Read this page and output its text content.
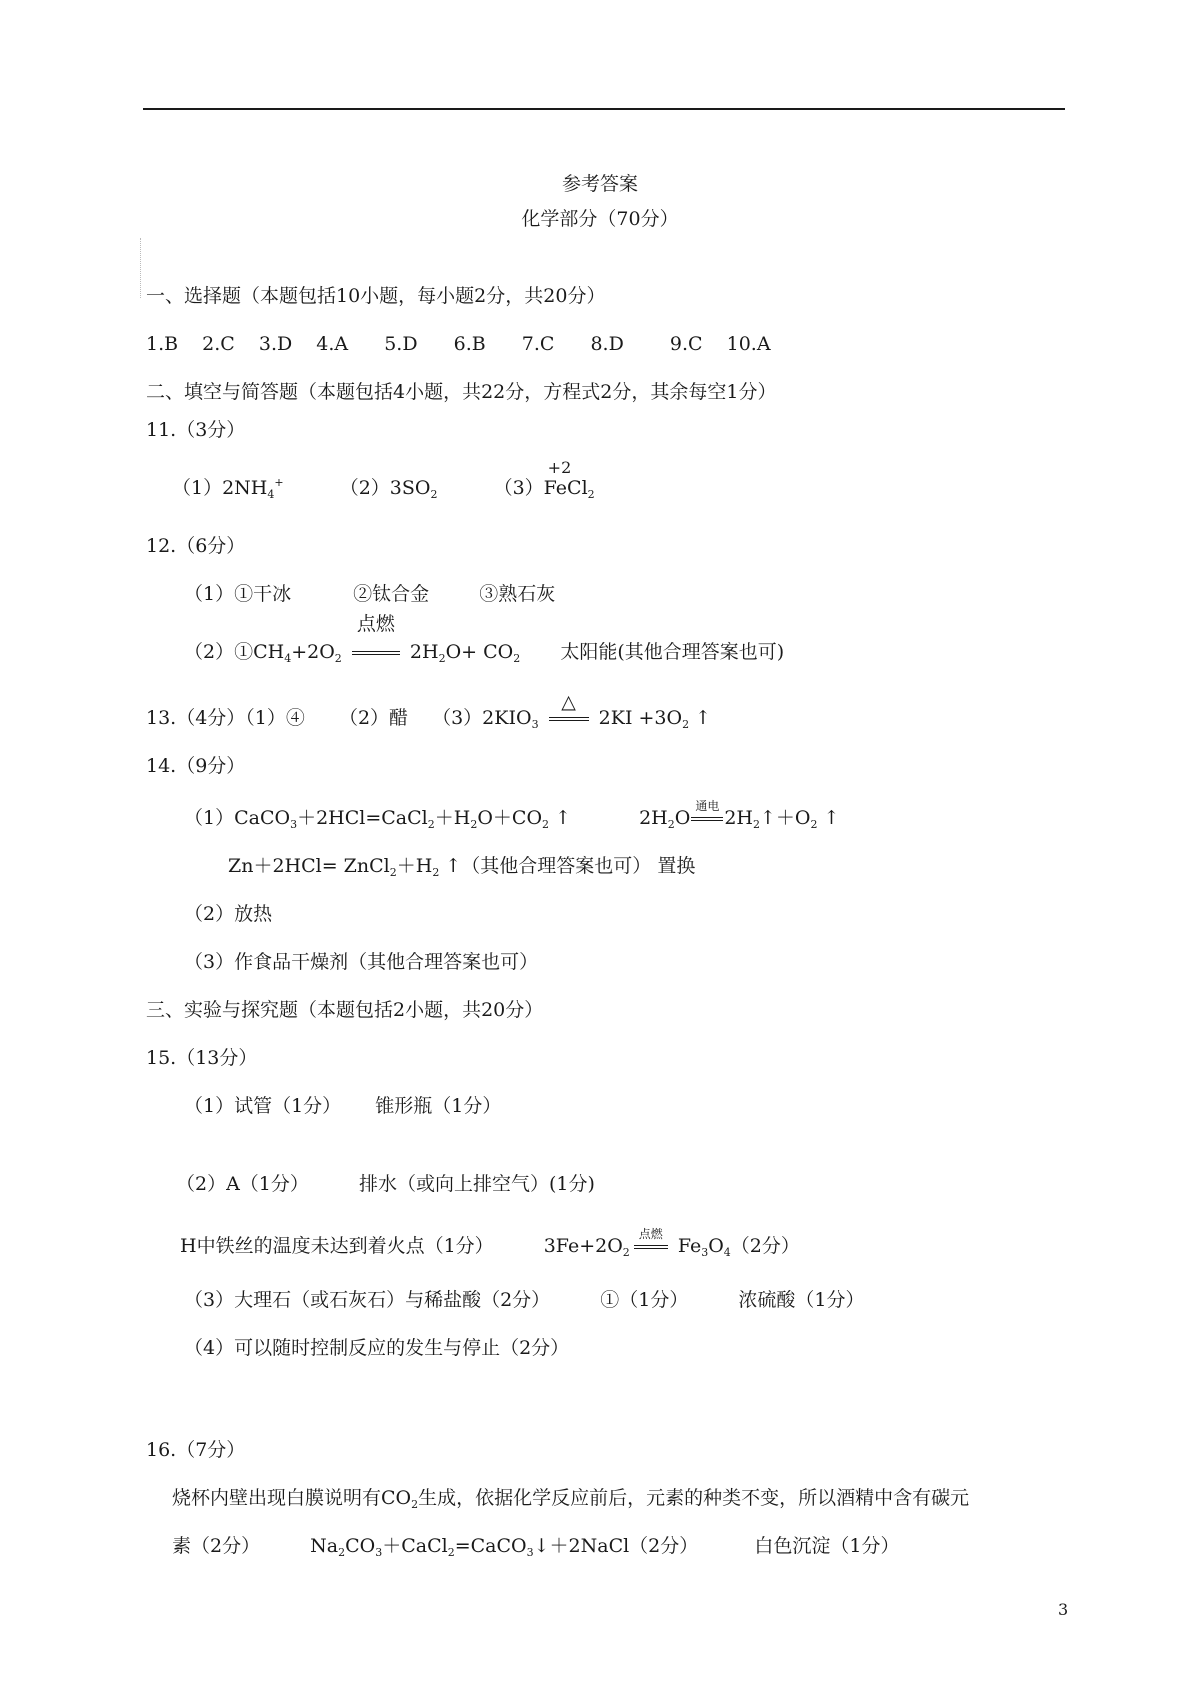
参考答案
化学部分（70分）
一、选择题（本题包括10小题，每小题2分，共20分）
1.B 2.C 3.D 4.A 5.D 6.B 7.C 8.D 9.C 10.A
二、填空与简答题（本题包括4小题，共22分，方程式2分，其余每空1分）
11.（3分）
$(1)2NH_4^+$	$(2)3SO_2$	（3）
+2
FeCl$_2$
12.（6分）
（1）①干冰	②钛合金	③熟石灰
$(2)①CH_4+2O_2$
点燃
$2H_2O+ CO_2$ 太阳能(其他合理答案也可)
13.（4分）（1）④ （2）醋 $(3)2KIO_3$
△
$2KI +3O_2$ ↑
14.（9分）
$(1)CaCO_3+2HCl=CaCl_2+H_2O+CO_2$ ↑	$2H_2O$
通电
$2H_2↑+O_2$ ↑
$Zn+2HCl= ZnCl_2+H_2$ ↑（其他合理答案也可） 置换
（2）放热
（3）作食品干燥剂（其他合理答案也可）
三、实验与探究题（本题包括2小题，共20分）
15.（13分）
（1）试管（1分） 锥形瓶（1分）
（2）A（1分）	排水（或向上排空气）(1分)
H中铁丝的温度未达到着火点（1分）	$3Fe+2O_2$
点燃
$Fe_3O_4(2$分）
（3）大理石（或石灰石）与稀盐酸（2分）	①（1分）	浓硫酸（1分）
（4）可以随时控制反应的发生与停止（2分）
16.（7分）
烧杯内壁出现白膜说明有$CO_2$生成，依据化学反应前后，元素的种类不变，所以酒精中含有碳元
素（2分）	$Na_2CO_3+CaCl_2=CaCO_3↓+2NaCl(2$分）	白色沉淀（1分）
3
